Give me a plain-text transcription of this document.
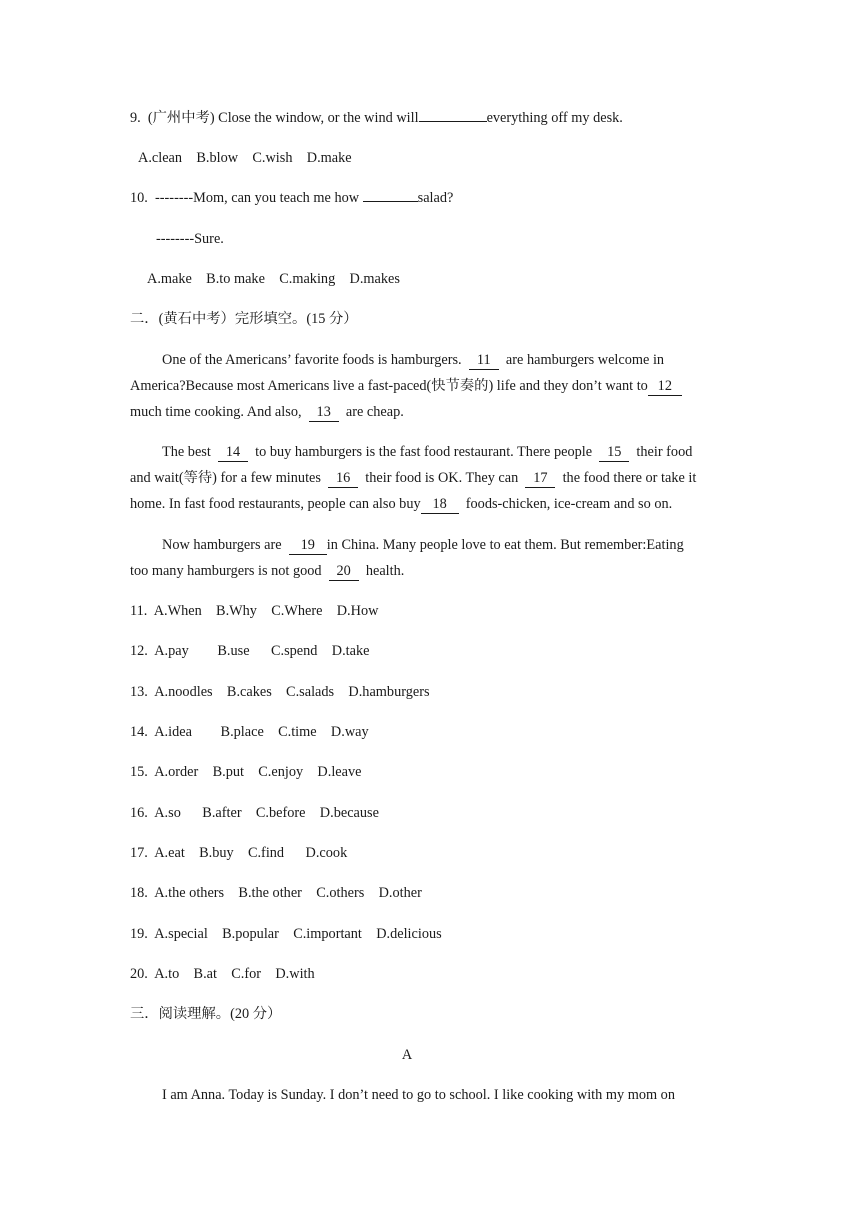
9.  (广州中考) Close the window, or the wind will	everything off my desk.
A.clean    B.blow    C.wish    D.make
10.  --------Mom, can you teach me how	salad?
--------Sure.
A.make    B.to make    C.making    D.makes
二．(黄石中考）完形填空。(15 分）
One of the Americans’ favorite foods is hamburgers.  11  are hamburgers welcome in
America?Because most Americans live a fast-paced(快节奏的) life and they don’t want to 12
much time cooking. And also,  13  are cheap.
The best  14  to buy hamburgers is the fast food restaurant. There people  15  their food
and wait(等待) for a few minutes  16  their food is OK. They can  17  the food there or take it
home. In fast food restaurants, people can also buy 18  foods-chicken, ice-cream and so on.
Now hamburgers are  19 in China. Many people love to eat them. But remember:Eating
too many hamburgers is not good  20  health.
11.  A.When    B.Why    C.Where    D.How
12.  A.pay        B.use      C.spend    D.take
13.  A.noodles    B.cakes    C.salads    D.hamburgers
14.  A.idea        B.place    C.time    D.way
15.  A.order    B.put    C.enjoy    D.leave
16.  A.so      B.after    C.before    D.because
17.  A.eat    B.buy    C.find      D.cook
18.  A.the others    B.the other    C.others    D.other
19.  A.special    B.popular    C.important    D.delicious
20.  A.to    B.at    C.for    D.with
三．阅读理解。(20 分）
A
I am Anna. Today is Sunday. I don’t need to go to school. I like cooking with my mom on
